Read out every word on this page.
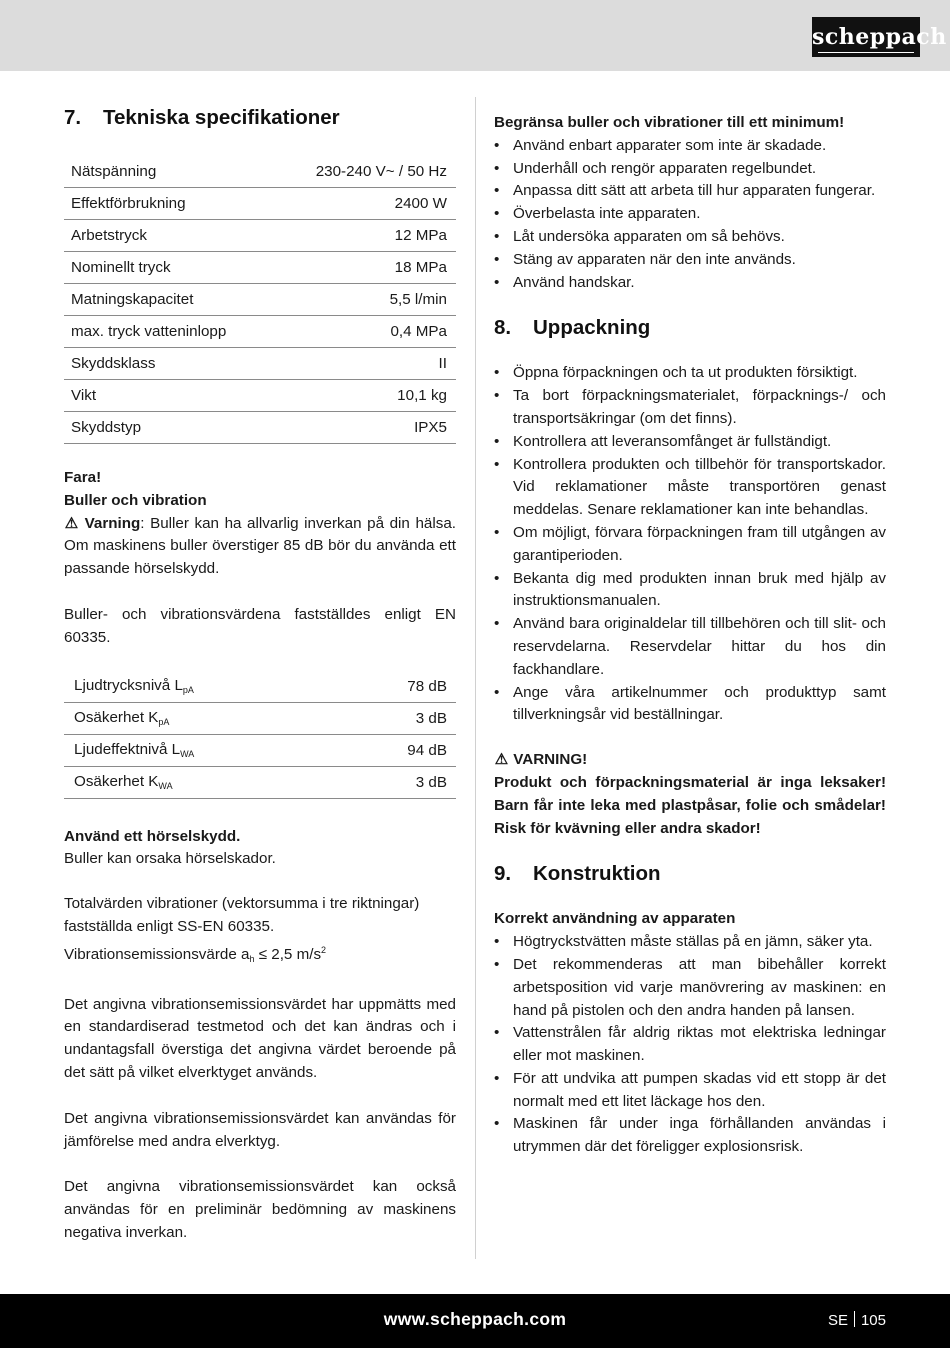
scheppach
7. Tekniska specifikationer
Nätspänning	230-240 V~ / 50 Hz
Effektförbrukning	2400 W
Arbetstryck	12 MPa
Nominellt tryck	18 MPa
Matningskapacitet	5,5 l/min
max. tryck vatteninlopp	0,4 MPa
Skyddsklass	II
Vikt	10,1 kg
Skyddstyp	IPX5

Fara!

Buller och vibration

⚠ Varning: Buller kan ha allvarlig inverkan på din hälsa. Om maskinens buller överstiger 85 dB bör du använda ett passande hörselskydd.

Buller- och vibrationsvärdena fastställdes enligt EN 60335.

Ljudtrycksnivå $L_{pA}$	78 dB
Osäkerhet $K_{pA}$	3 dB
Ljudeffektnivå $L_{WA}$	94 dB
Osäkerhet $K_{WA}$	3 dB

Använd ett hörselskydd.

Buller kan orsaka hörselskador.

Totalvärden vibrationer (vektorsumma i tre riktningar) fastställda enligt SS-EN 60335.

Vibrationsemissionsvärde $a_h \le 2,5$ $m/s^2$

Det angivna vibrationsemissionsvärdet har uppmätts med en standardiserad testmetod och det kan ändras och i undantagsfall överstiga det angivna värdet beroende på det sätt på vilket elverktyget används.

Det angivna vibrationsemissionsvärdet kan användas för jämförelse med andra elverktyg.

Det angivna vibrationsemissionsvärdet kan också användas för en preliminär bedömning av maskinens negativa inverkan.

Begränsa buller och vibrationer till ett minimum!

• Använd enbart apparater som inte är skadade.
• Underhåll och rengör apparaten regelbundet.
• Anpassa ditt sätt att arbeta till hur apparaten fungerar.
• Överbelasta inte apparaten.
• Låt undersöka apparaten om så behövs.
• Stäng av apparaten när den inte används.
• Använd handskar.
8. Uppackning
• Öppna förpackningen och ta ut produkten försiktigt.
• Ta bort förpackningsmaterialet, förpacknings-/ och transportsäkringar (om det finns).
• Kontrollera att leveransomfånget är fullständigt.
• Kontrollera produkten och tillbehör för transportskador. Vid reklamationer måste transportören genast meddelas. Senare reklamationer kan inte behandlas.
• Om möjligt, förvara förpackningen fram till utgången av garantiperioden.
• Bekanta dig med produkten innan bruk med hjälp av instruktionsmanualen.
• Använd bara originaldelar till tillbehören och till slit- och reservdelarna. Reservdelar hittar du hos din fackhandlare.
• Ange våra artikelnummer och produkttyp samt tillverkningsår vid beställningar.

⚠ VARNING!

Produkt och förpackningsmaterial är inga leksaker! Barn får inte leka med plastpåsar, folie och smådelar! Risk för kvävning eller andra skador!

9. Konstruktion

Korrekt användning av apparaten

• Högtryckstvätten måste ställas på en jämn, säker yta.
• Det rekommenderas att man bibehåller korrekt arbetsposition vid varje manövrering av maskinen: en hand på pistolen och den andra handen på lansen.
• Vattenstrålen får aldrig riktas mot elektriska ledningar eller mot maskinen.
• För att undvika att pumpen skadas vid ett stopp är det normalt med ett litet läckage hos den.
• Maskinen får under inga förhållanden användas i utrymmen där det föreligger explosionsrisk.
www.scheppach.com	SE 105
